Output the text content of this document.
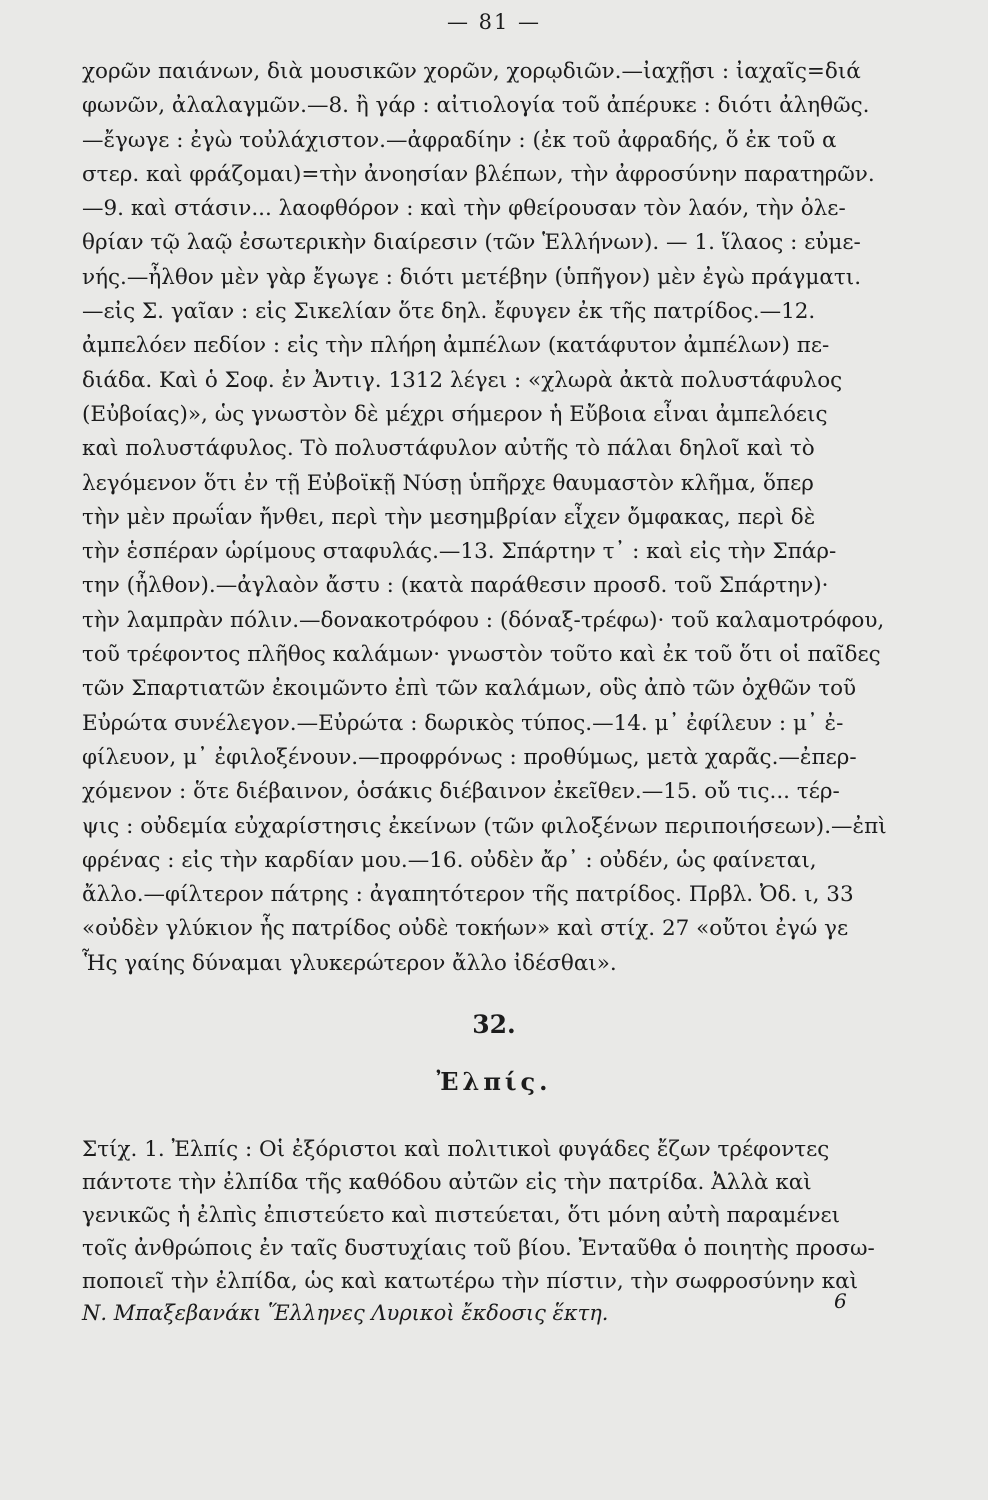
— 81 —
χορῶν παιάνων, διὰ μουσικῶν χορῶν, χορῳδιῶν.—ἰαχῇσι : ἰαχαῖς=διά
φωνῶν, ἀλαλαγμῶν.—8. ἢ γάρ : αἰτιολογία τοῦ ἀπέρυκε : διότι ἀληθῶς.
—ἔγωγε : ἐγὼ τοὐλάχιστον.—ἀφραδίην : (ἐκ τοῦ ἀφραδής, ὅ ἐκ τοῦ α
στερ. καὶ φράζομαι)=τὴν ἀνοησίαν βλέπων, τὴν ἀφροσύνην παρατηρῶν.
—9. καὶ στάσιν... λαοφθόρον : καὶ τὴν φθείρουσαν τὸν λαόν, τὴν ὀλε-
θρίαν τῷ λαῷ ἐσωτερικὴν διαίρεσιν (τῶν Ἑλλήνων). — 1. ἵλαος : εὐμε-
νής.—ἦλθον μὲν γὰρ ἔγωγε : διότι μετέβην (ὑπῆγον) μὲν ἐγὼ πράγματι.
—εἰς Σ. γαῖαν : εἰς Σικελίαν ὅτε δηλ. ἔφυγεν ἐκ τῆς πατρίδος.—12.
ἀμπελόεν πεδίον : εἰς τὴν πλήρη ἀμπέλων (κατάφυτον ἀμπέλων) πε-
διάδα. Καὶ ὁ Σοφ. ἐν Ἀντιγ. 1312 λέγει : «χλωρὰ ἀκτὰ πολυστάφυλος
(Εὐβοίας)», ὡς γνωστὸν δὲ μέχρι σήμερον ἡ Εὔβοια εἶναι ἀμπελόεις
καὶ πολυστάφυλος. Τὸ πολυστάφυλον αὐτῆς τὸ πάλαι δηλοῖ καὶ τὸ
λεγόμενον ὅτι ἐν τῇ Εὐβοϊκῇ Νύσῃ ὑπῆρχε θαυμαστὸν κλῆμα, ὅπερ
τὴν μὲν πρωΐαν ἤνθει, περὶ τὴν μεσημβρίαν εἶχεν ὄμφακας, περὶ δὲ
τὴν ἑσπέραν ὡρίμους σταφυλάς.—13. Σπάρτην τ᾽ : καὶ εἰς τὴν Σπάρ-
την (ἦλθον).—ἀγλαὸν ἄστυ : (κατὰ παράθεσιν προσδ. τοῦ Σπάρτην)·
τὴν λαμπρὰν πόλιν.—δονακοτρόφου : (δόναξ-τρέφω)· τοῦ καλαμοτρόφου,
τοῦ τρέφοντος πλῆθος καλάμων· γνωστὸν τοῦτο καὶ ἐκ τοῦ ὅτι οἱ παῖδες
τῶν Σπαρτιατῶν ἐκοιμῶντο ἐπὶ τῶν καλάμων, οὓς ἀπὸ τῶν ὀχθῶν τοῦ
Εὐρώτα συνέλεγον.—Εὐρώτα : δωρικὸς τύπος.—14. μ᾽ ἐφίλευν : μ᾽ ἐ-
φίλευον, μ᾽ ἐφιλοξένουν.—προφρόνως : προθύμως, μετὰ χαρᾶς.—ἐπερ-
χόμενον : ὅτε διέβαινον, ὁσάκις διέβαινον ἐκεῖθεν.—15. οὔ τις... τέρ-
ψις : οὐδεμία εὐχαρίστησις ἐκείνων (τῶν φιλοξένων περιποιήσεων).—ἐπὶ
φρένας : εἰς τὴν καρδίαν μου.—16. οὐδὲν ἄρ᾽ : οὐδέν, ὡς φαίνεται,
ἄλλο.—φίλτερον πάτρης : ἀγαπητότερον τῆς πατρίδος. Πρβλ. Ὀδ. ι, 33
«οὐδὲν γλύκιον ἧς πατρίδος οὐδὲ τοκήων» καὶ στίχ. 27 «οὔτοι ἐγώ γε
Ἧς γαίης δύναμαι γλυκερώτερον ἄλλο ἰδέσθαι».
32.
Ἐλπίς.
Στίχ. 1. Ἐλπίς : Οἱ ἐξόριστοι καὶ πολιτικοὶ φυγάδες ἔζων τρέφοντες
πάντοτε τὴν ἐλπίδα τῆς καθόδου αὐτῶν εἰς τὴν πατρίδα. Ἀλλὰ καὶ
γενικῶς ἡ ἐλπὶς ἐπιστεύετο καὶ πιστεύεται, ὅτι μόνη αὐτὴ παραμένει
τοῖς ἀνθρώποις ἐν ταῖς δυστυχίαις τοῦ βίου. Ἐνταῦθα ὁ ποιητὴς προσω-
ποποιεῖ τὴν ἐλπίδα, ὡς καὶ κατωτέρω τὴν πίστιν, τὴν σωφροσύνην καὶ
6
Ν. Μπαξεβανάκι Ἕλληνες Λυρικοὶ ἔκδοσις ἕκτη.
